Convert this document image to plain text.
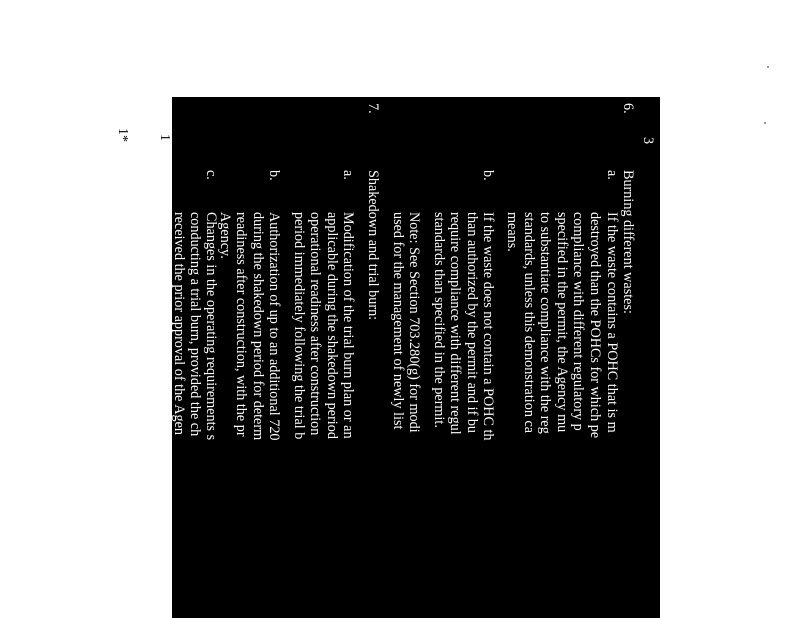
1
1*	3
6.
Burning different wastes:
a.
If the waste contains a POHC that is m
destroyed than the POHCs for which pe
compliance with different regulatory p
specified in the permit, the Agency mu
to substantiate compliance with the reg
standards, unless this demonstration ca
means.
b.
If the waste does not contain a POHC th
than authorized by the permit and if bu
require compliance with different regul
standards than specified in the permit.
Note: See Section 703.280(g) for modi
used for the management of newly list
7.
Shakedown and trial burn:
a.
Modification of the trial burn plan or an
applicable during the shakedown period
operational readiness after construction
period immediately following the trial b
b.
Authorization of up to an additional 720
during the shakedown period for determ
readiness after construction, with the pr
Agency.
c.
Changes in the operating requirements s
conducting a trial burn, provided the ch
received the prior approval of the Agen
d.
Changes in the ranges of the operating r
permit to reflect the results of the trial b
minor and has received the prior approv
8.
Substitution of an alternative type of non-ha
not specified in the permit.
9.
Technology changes needed to meet standar
DEF of 40 CFR 63 (National Emission Stan
